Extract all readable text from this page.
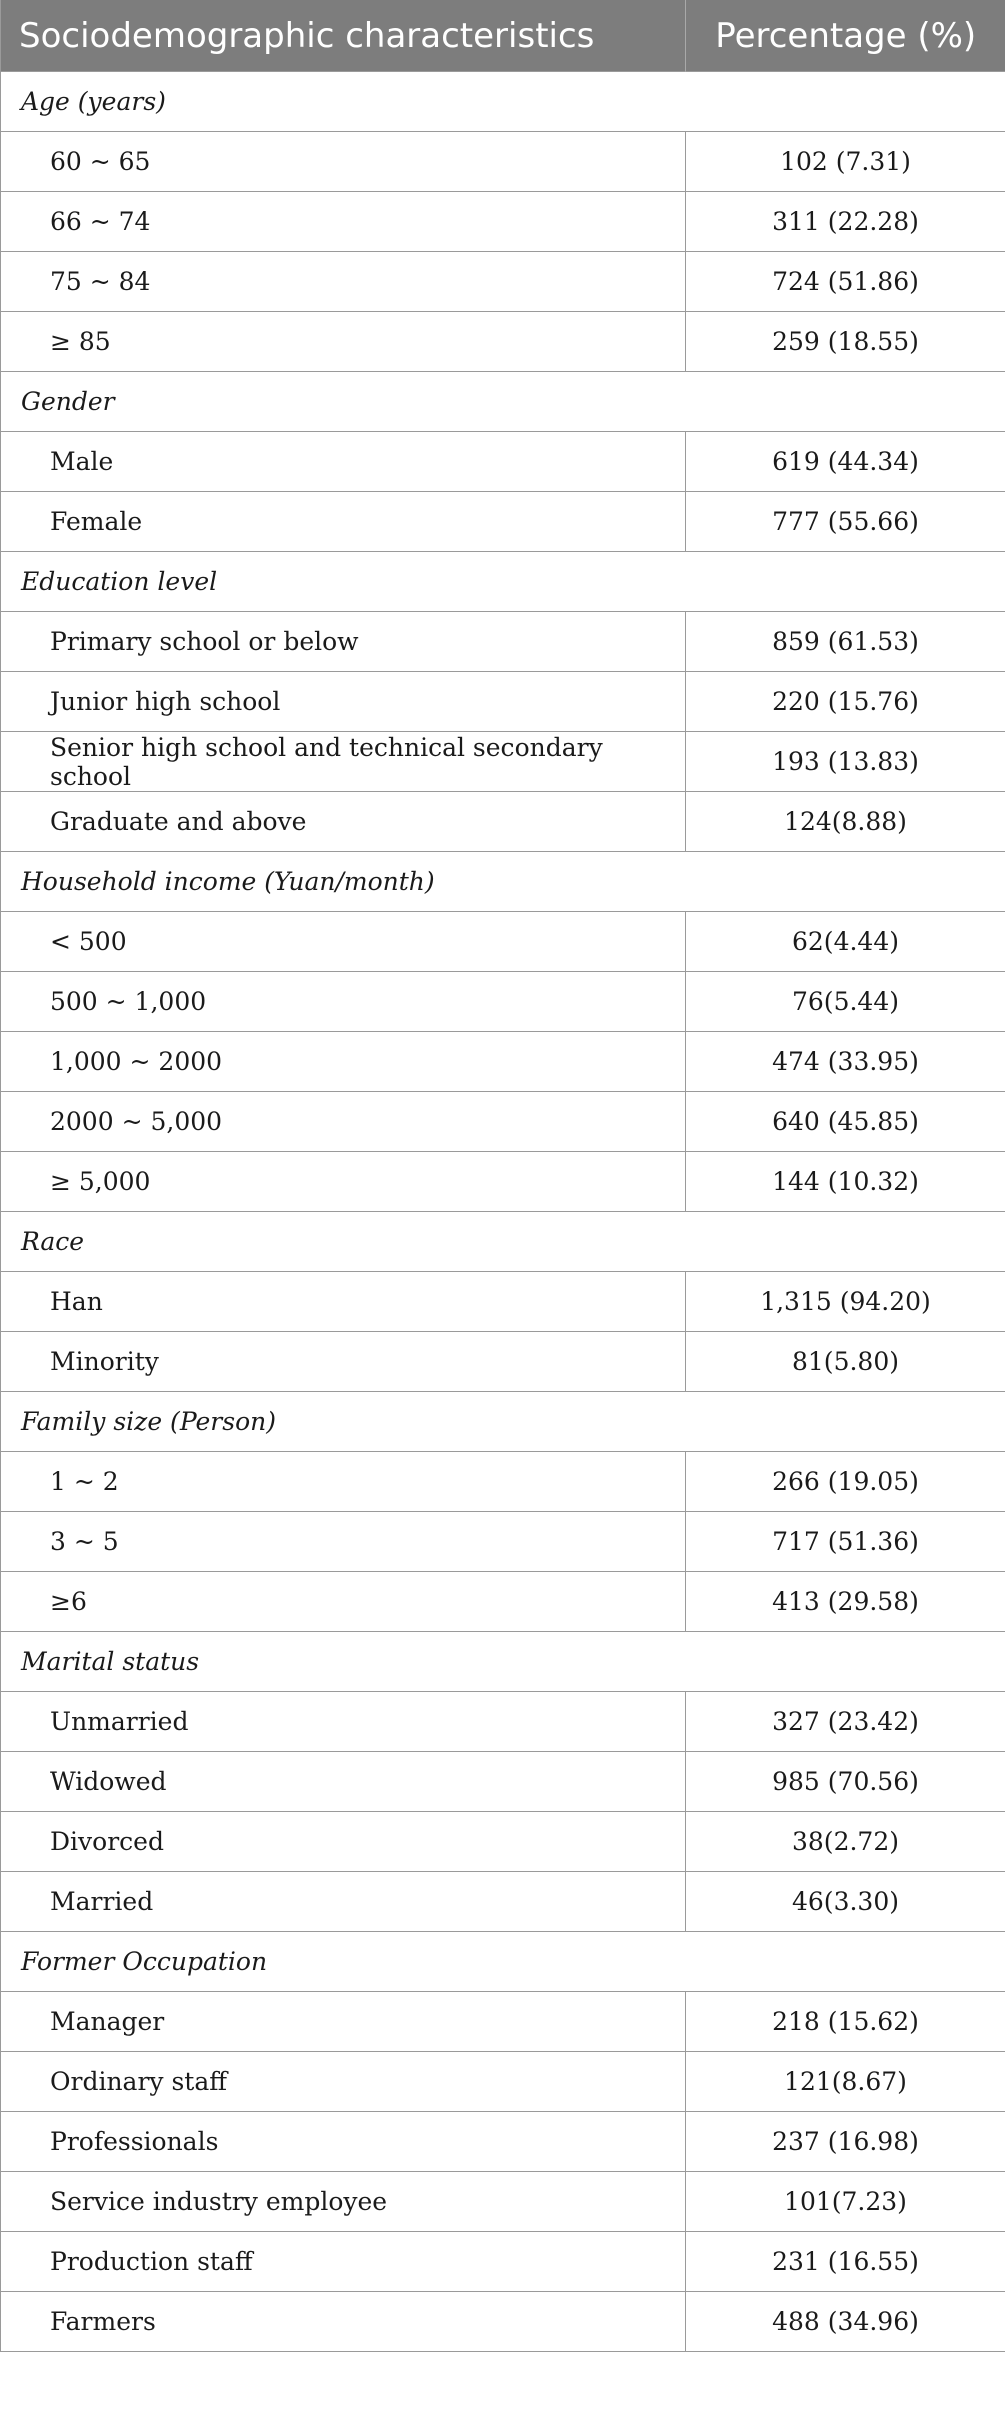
Sociodemographic characteristics	Percentage (%)
Age (years)	
60 ~ 65	102 (7.31)
66 ~ 74	311 (22.28)
75 ~ 84	724 (51.86)
≥ 85	259 (18.55)
Gender	
Male	619 (44.34)
Female	777 (55.66)
Education level	
Primary school or below	859 (61.53)
Junior high school	220 (15.76)
Senior high school and technical secondary school	193 (13.83)
Graduate and above	124(8.88)
Household income (Yuan/month)	
< 500	62(4.44)
500 ~ 1,000	76(5.44)
1,000 ~ 2000	474 (33.95)
2000 ~ 5,000	640 (45.85)
≥ 5,000	144 (10.32)
Race	
Han	1,315 (94.20)
Minority	81(5.80)
Family size (Person)	
1 ~ 2	266 (19.05)
3 ~ 5	717 (51.36)
≥6	413 (29.58)
Marital status	
Unmarried	327 (23.42)
Widowed	985 (70.56)
Divorced	38(2.72)
Married	46(3.30)
Former Occupation	
Manager	218 (15.62)
Ordinary staff	121(8.67)
Professionals	237 (16.98)
Service industry employee	101(7.23)
Production staff	231 (16.55)
Farmers	488 (34.96)
